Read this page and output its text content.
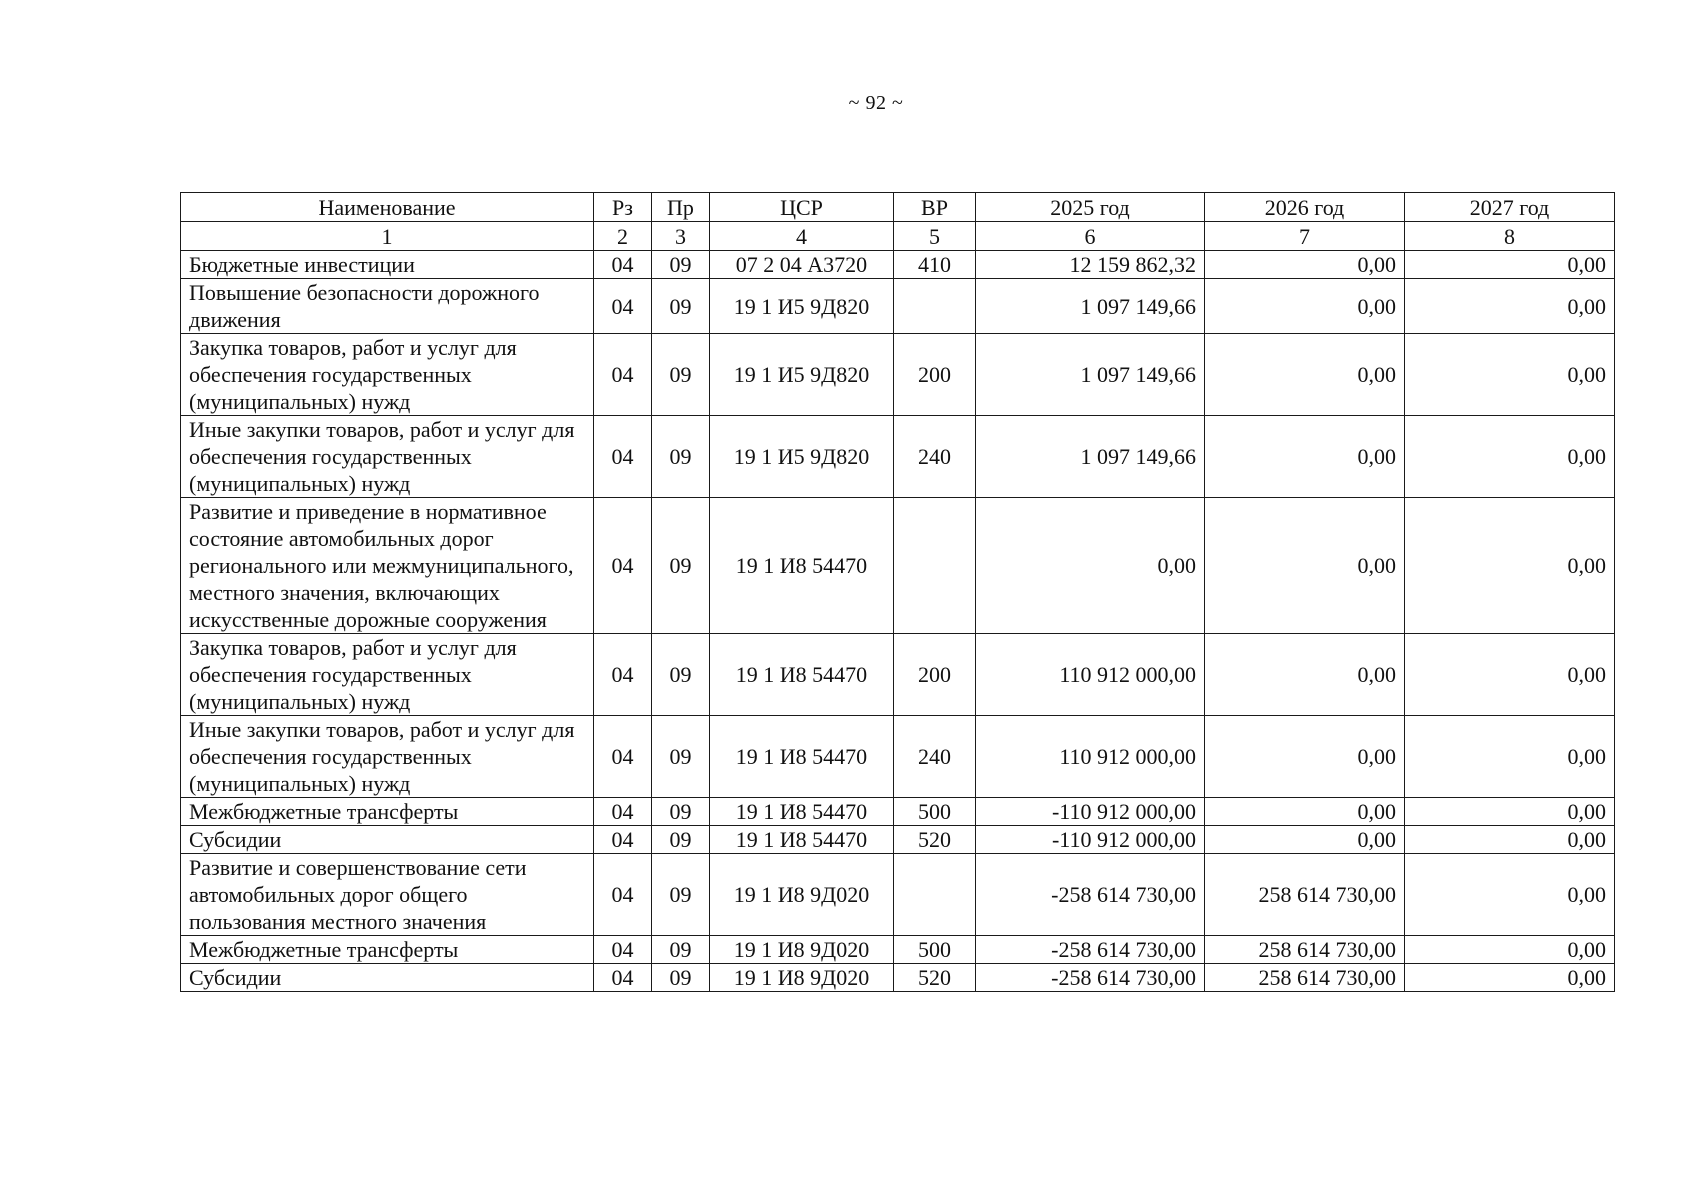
~ 92 ~
Наименование	Рз	Пр	ЦСР	ВР	2025 год	2026 год	2027 год
1	2	3	4	5	6	7	8
Бюджетные инвестиции	04	09	07 2 04 А3720	410	12 159 862,32	0,00	0,00
Повышение безопасности дорожного движения	04	09	19 1 И5 9Д820		1 097 149,66	0,00	0,00
Закупка товаров, работ и услуг для обеспечения государственных (муниципальных) нужд	04	09	19 1 И5 9Д820	200	1 097 149,66	0,00	0,00
Иные закупки товаров, работ и услуг для обеспечения государственных (муниципальных) нужд	04	09	19 1 И5 9Д820	240	1 097 149,66	0,00	0,00
Развитие и приведение в нормативное состояние автомобильных дорог регионального или межмуниципального, местного значения, включающих искусственные дорожные сооружения	04	09	19 1 И8 54470		0,00	0,00	0,00
Закупка товаров, работ и услуг для обеспечения государственных (муниципальных) нужд	04	09	19 1 И8 54470	200	110 912 000,00	0,00	0,00
Иные закупки товаров, работ и услуг для обеспечения государственных (муниципальных) нужд	04	09	19 1 И8 54470	240	110 912 000,00	0,00	0,00
Межбюджетные трансферты	04	09	19 1 И8 54470	500	-110 912 000,00	0,00	0,00
Субсидии	04	09	19 1 И8 54470	520	-110 912 000,00	0,00	0,00
Развитие и совершенствование сети автомобильных дорог общего пользования местного значения	04	09	19 1 И8 9Д020		-258 614 730,00	258 614 730,00	0,00
Межбюджетные трансферты	04	09	19 1 И8 9Д020	500	-258 614 730,00	258 614 730,00	0,00
Субсидии	04	09	19 1 И8 9Д020	520	-258 614 730,00	258 614 730,00	0,00
